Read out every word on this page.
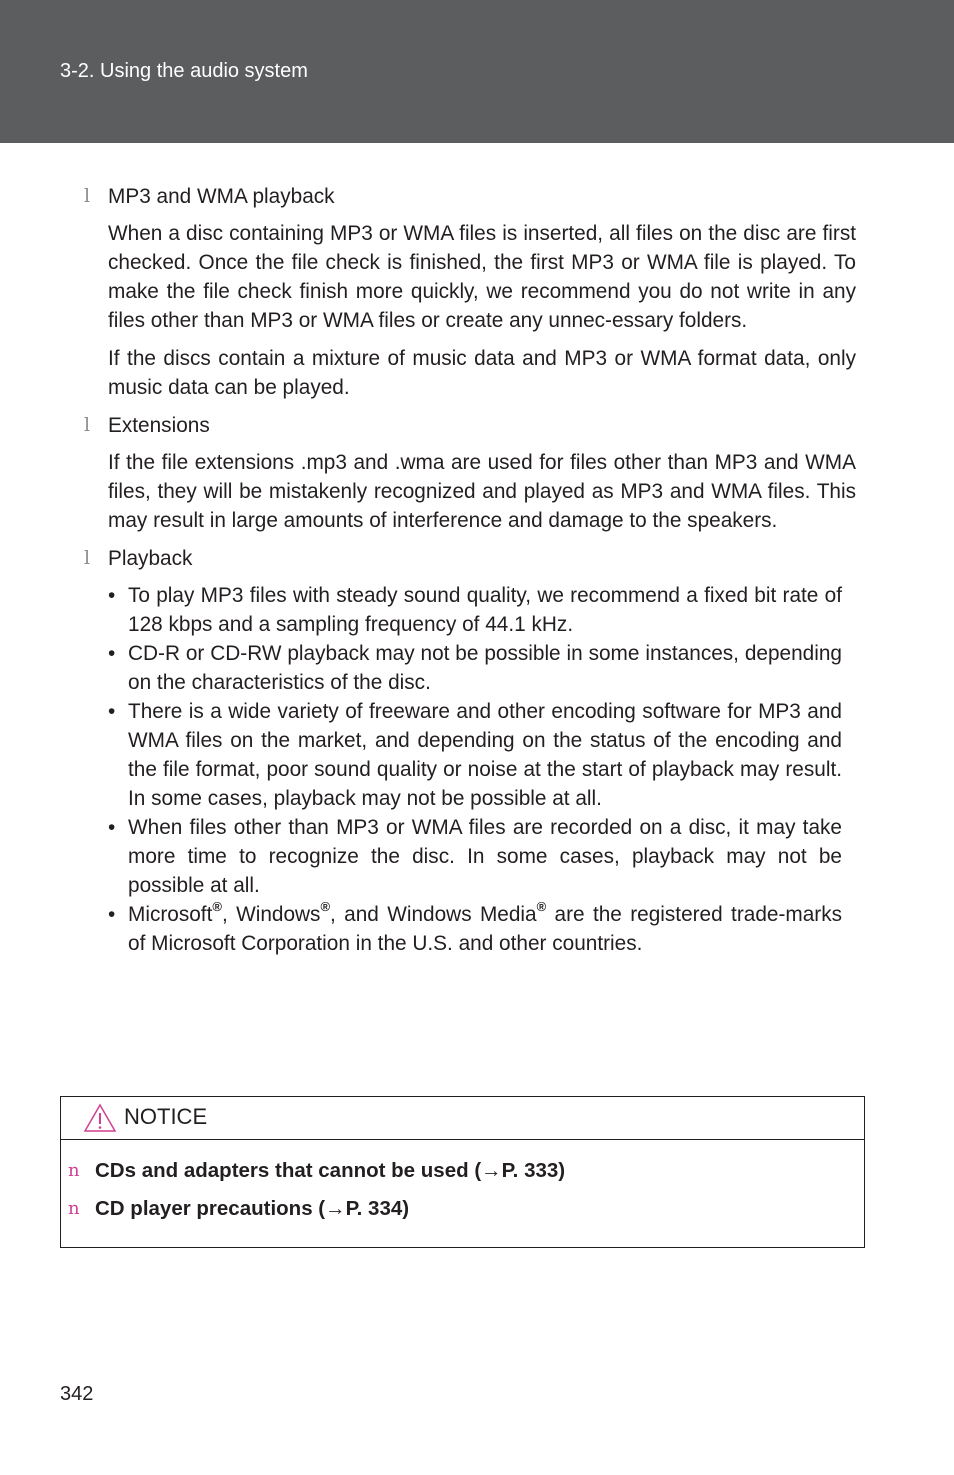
3-2. Using the audio system
l MP3 and WMA playback

When a disc containing MP3 or WMA files is inserted, all files on the disc are first checked. Once the file check is finished, the first MP3 or WMA file is played. To make the file check finish more quickly, we recommend you do not write in any files other than MP3 or WMA files or create any unnec-essary folders.

If the discs contain a mixture of music data and MP3 or WMA format data, only music data can be played.

l Extensions

If the file extensions .mp3 and .wma are used for files other than MP3 and WMA files, they will be mistakenly recognized and played as MP3 and WMA files. This may result in large amounts of interference and damage to the speakers.

l Playback
• To play MP3 files with steady sound quality, we recommend a fixed bit rate of 128 kbps and a sampling frequency of 44.1 kHz.
• CD-R or CD-RW playback may not be possible in some instances, depending on the characteristics of the disc.
• There is a wide variety of freeware and other encoding software for MP3 and WMA files on the market, and depending on the status of the encoding and the file format, poor sound quality or noise at the start of playback may result. In some cases, playback may not be possible at all.
• When files other than MP3 or WMA files are recorded on a disc, it may take more time to recognize the disc. In some cases, playback may not be possible at all.
• Microsoft®, Windows®, and Windows Media® are the registered trade-marks of Microsoft Corporation in the U.S. and other countries.
NOTICE
n CDs and adapters that cannot be used (→P. 333)
n CD player precautions (→P. 334)
342
